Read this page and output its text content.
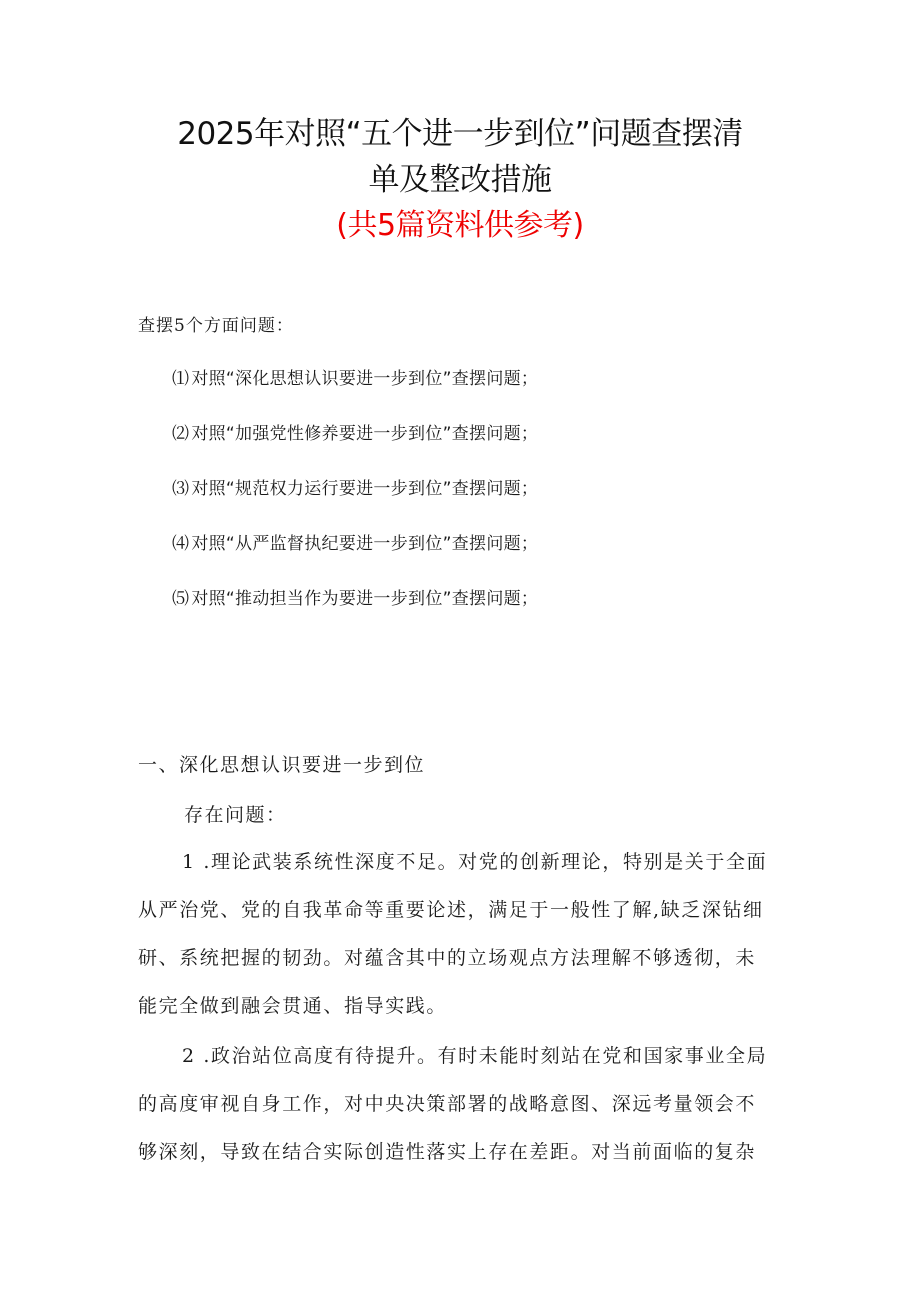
2025年对照“五个进一步到位”问题查摆清
单及整改措施
(共5篇资料供参考)
查摆5个方面问题：
⑴ 对照“深化思想认识要进一步到位”查摆问题；
⑵ 对照“加强党性修养要进一步到位”查摆问题；
⑶ 对照“规范权力运行要进一步到位”查摆问题；
⑷ 对照“从严监督执纪要进一步到位”查摆问题；
⑸ 对照“推动担当作为要进一步到位”查摆问题；
一、深化思想认识要进一步到位
存在问题：
1 .理论武装系统性深度不足。对党的创新理论，特别是关于全面
从严治党、党的自我革命等重要论述，满足于一般性了解,缺乏深钻细
研、系统把握的韧劲。对蕴含其中的立场观点方法理解不够透彻，未
能完全做到融会贯通、指导实践。
2 .政治站位高度有待提升。有时未能时刻站在党和国家事业全局
的高度审视自身工作，对中央决策部署的战略意图、深远考量领会不
够深刻，导致在结合实际创造性落实上存在差距。对当前面临的复杂
